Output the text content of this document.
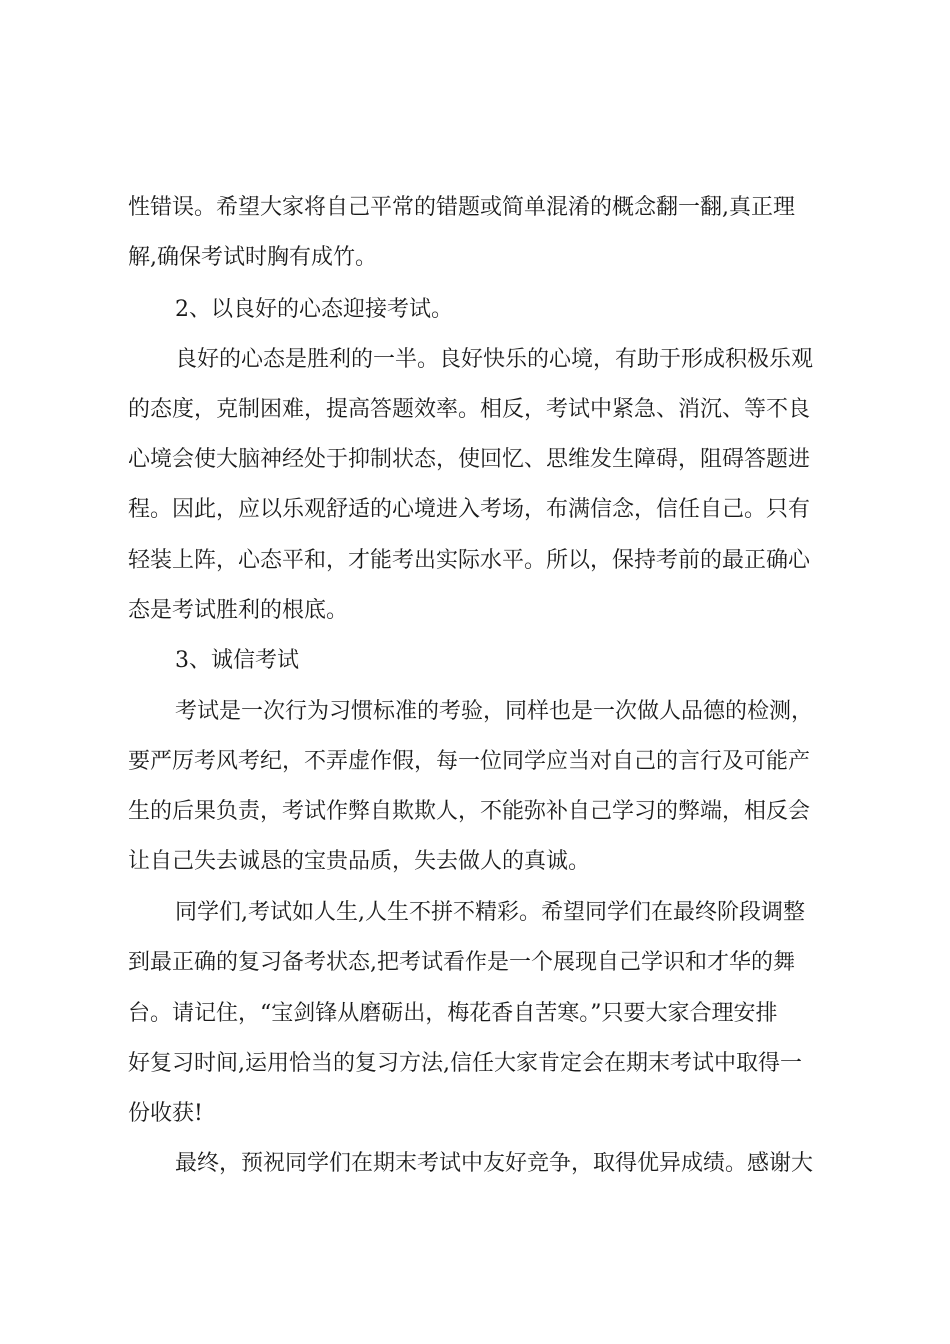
性错误。希望大家将自己平常的错题或简单混淆的概念翻一翻,真正理
解,确保考试时胸有成竹。
2、以良好的心态迎接考试。
良好的心态是胜利的一半。良好快乐的心境，有助于形成积极乐观
的态度，克制困难，提高答题效率。相反，考试中紧急、消沉、等不良
心境会使大脑神经处于抑制状态，使回忆、思维发生障碍，阻碍答题进
程。因此，应以乐观舒适的心境进入考场，布满信念，信任自己。只有
轻装上阵，心态平和，才能考出实际水平。所以，保持考前的最正确心
态是考试胜利的根底。
3、诚信考试
考试是一次行为习惯标准的考验，同样也是一次做人品德的检测，
要严厉考风考纪，不弄虚作假，每一位同学应当对自己的言行及可能产
生的后果负责，考试作弊自欺欺人，不能弥补自己学习的弊端，相反会
让自己失去诚恳的宝贵品质，失去做人的真诚。
同学们,考试如人生,人生不拼不精彩。希望同学们在最终阶段调整
到最正确的复习备考状态,把考试看作是一个展现自己学识和才华的舞
台。请记住，“宝剑锋从磨砺出，梅花香自苦寒。”只要大家合理安排
好复习时间,运用恰当的复习方法,信任大家肯定会在期末考试中取得一
份收获!
最终，预祝同学们在期末考试中友好竞争，取得优异成绩。感谢大
